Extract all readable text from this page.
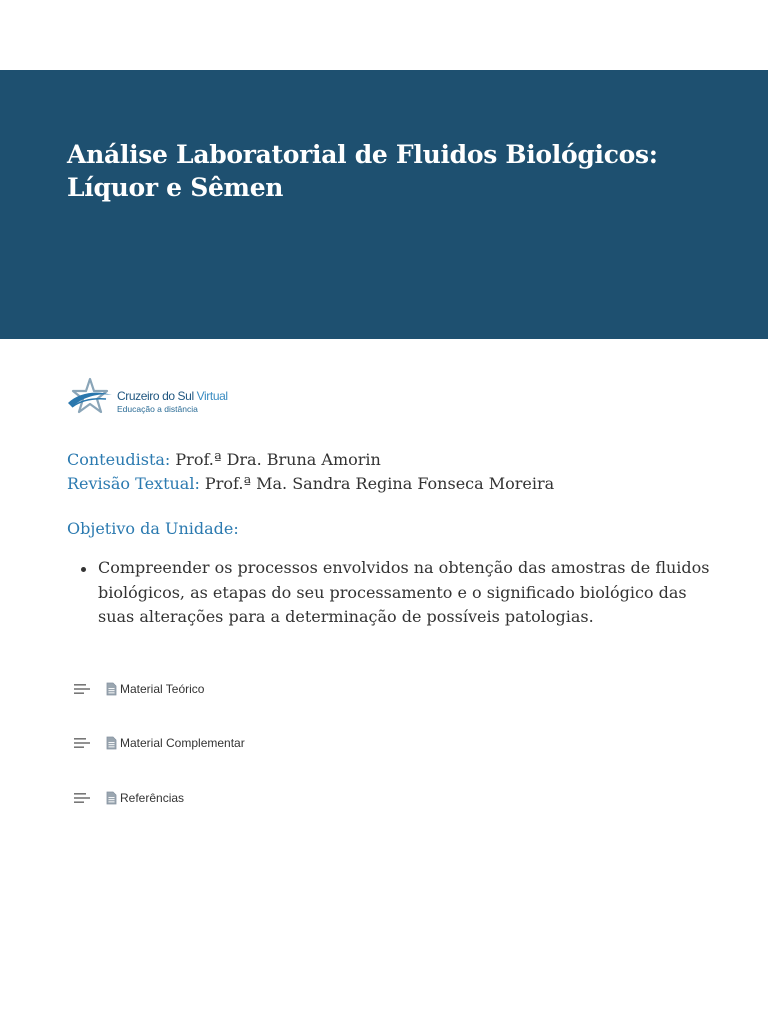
Análise Laboratorial de Fluidos Biológicos:
Líquor e Sêmen
Cruzeiro do Sul Virtual
Educação a distância
Conteudista: Prof.ª Dra. Bruna Amorin
Revisão Textual: Prof.ª Ma. Sandra Regina Fonseca Moreira
Objetivo da Unidade:
Compreender os processos envolvidos na obtenção das amostras de fluidos biológicos, as etapas do seu processamento e o significado biológico das suas alterações para a determinação de possíveis patologias.
Material Teórico
Material Complementar
Referências
